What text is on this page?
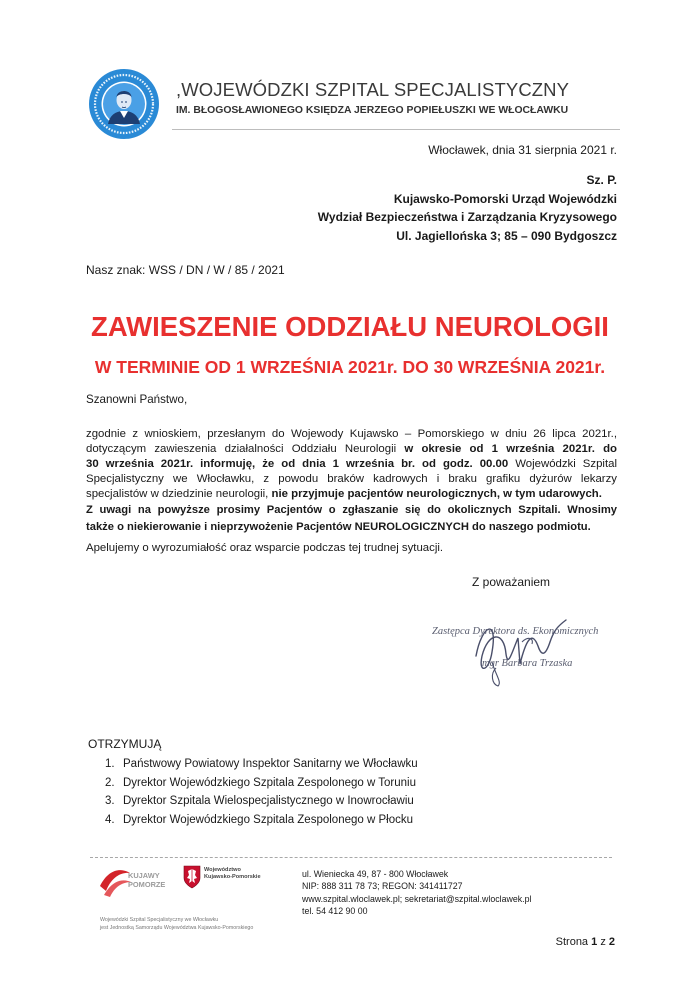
,WOJEWÓDZKI SZPITAL SPECJALISTYCZNY
IM. BŁOGOSŁAWIONEGO KSIĘDZA JERZEGO POPIEŁUSZKI WE WŁOCŁAWKU
Włocławek, dnia 31 sierpnia 2021 r.
Sz. P.
Kujawsko-Pomorski Urząd Wojewódzki
Wydział Bezpieczeństwa i Zarządzania Kryzysowego
Ul. Jagiellońska 3; 85 – 090 Bydgoszcz
Nasz znak: WSS / DN / W / 85 / 2021
ZAWIESZENIE ODDZIAŁU NEUROLOGII
W TERMINIE OD 1 WRZEŚNIA 2021r. DO 30 WRZEŚNIA 2021r.
Szanowni Państwo,
zgodnie z wnioskiem, przesłanym do Wojewody Kujawsko – Pomorskiego w dniu 26 lipca 2021r.,
dotyczącym zawieszenia działalności Oddziału Neurologii w okresie od 1 września 2021r. do
30 września 2021r. informuję, że od dnia 1 września br. od godz. 00.00 Wojewódzki Szpital
Specjalistyczny we Włocławku, z powodu braków kadrowych i braku grafiku dyżurów lekarzy
specjalistów w dziedzinie neurologii, nie przyjmuje pacjentów neurologicznych, w tym udarowych.
Z uwagi na powyższe prosimy Pacjentów o zgłaszanie się do okolicznych Szpitali. Wnosimy
także o niekierowanie i nieprzywożenie Pacjentów NEUROLOGICZNYCH do naszego podmiotu.
Apelujemy o wyrozumiałość oraz wsparcie podczas tej trudnej sytuacji.
Z poważaniem
Zastępca Dyrektora ds. Ekonomicznych
mgr Barbara Trzaska
OTRZYMUJĄ
1. Państwowy Powiatowy Inspektor Sanitarny we Włocławku
2. Dyrektor Wojewódzkiego Szpitala Zespolonego w Toruniu
3. Dyrektor Szpitala Wielospecjalistycznego w Inowrocławiu
4. Dyrektor Wojewódzkiego Szpitala Zespolonego w Płocku
KUJAWY
POMORZE
Województwo
Kujawsko-Pomorskie
Wojewódzki Szpital Specjalistyczny we Włocławku
jest Jednostką Samorządu Województwa Kujawsko-Pomorskiego
ul. Wieniecka 49, 87 - 800 Włocławek
NIP: 888 311 78 73; REGON: 341411727
www.szpital.wloclawek.pl; sekretariat@szpital.wloclawek.pl
tel. 54 412 90 00
Strona 1 z 2
